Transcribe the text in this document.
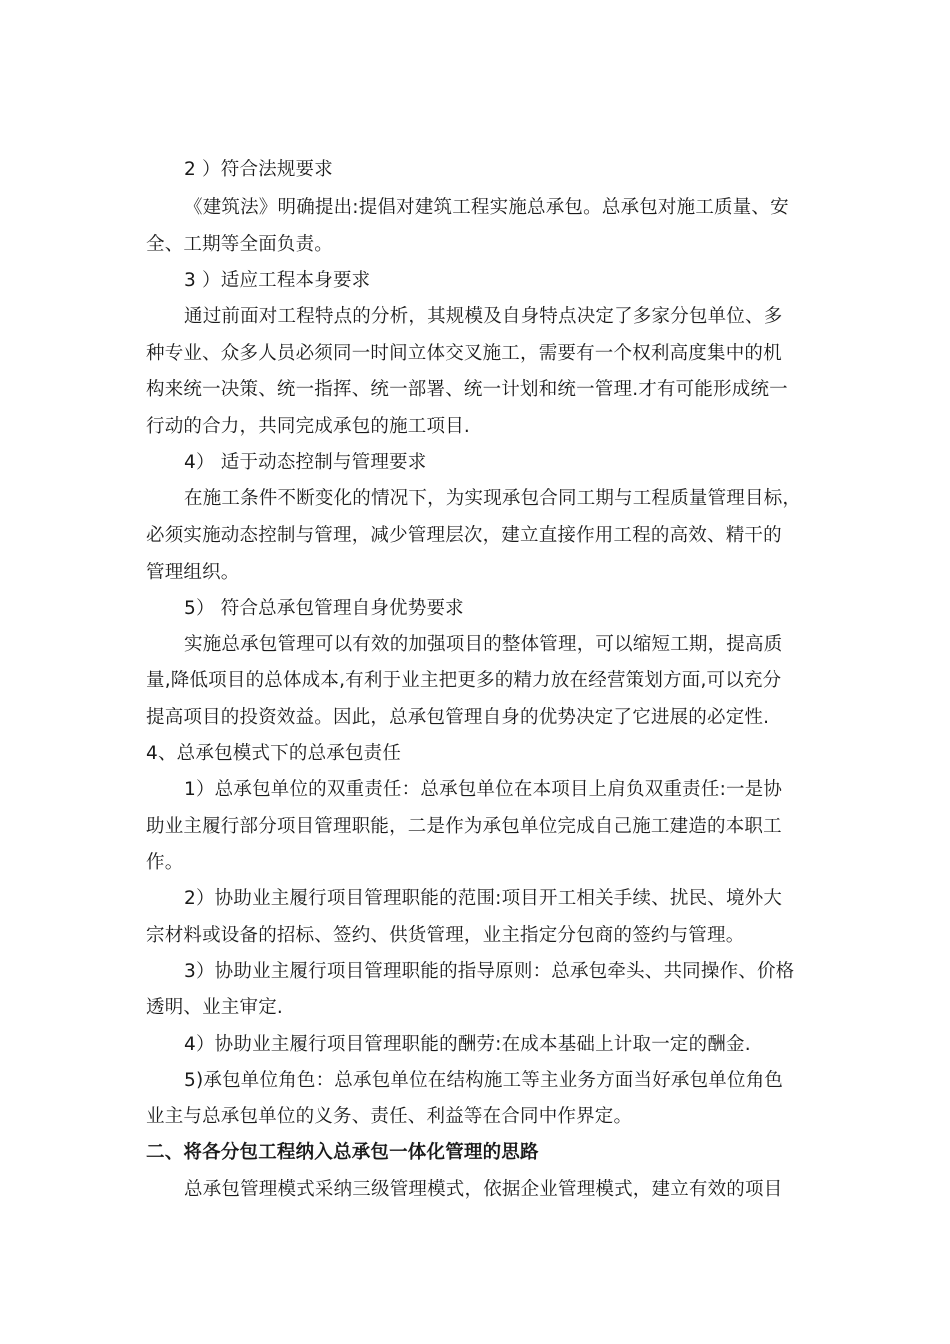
2 ）符合法规要求
《建筑法》明确提出:提倡对建筑工程实施总承包。总承包对施工质量、安
全、工期等全面负责。
3 ）适应工程本身要求
通过前面对工程特点的分析，其规模及自身特点决定了多家分包单位、多
种专业、众多人员必须同一时间立体交叉施工，需要有一个权利高度集中的机
构来统一决策、统一指挥、统一部署、统一计划和统一管理.才有可能形成统一
行动的合力，共同完成承包的施工项目.
4） 适于动态控制与管理要求
在施工条件不断变化的情况下，为实现承包合同工期与工程质量管理目标，
必须实施动态控制与管理，减少管理层次，建立直接作用工程的高效、精干的
管理组织。
5） 符合总承包管理自身优势要求
实施总承包管理可以有效的加强项目的整体管理，可以缩短工期，提高质
量,降低项目的总体成本,有利于业主把更多的精力放在经营策划方面,可以充分
提高项目的投资效益。因此，总承包管理自身的优势决定了它进展的必定性.
4、总承包模式下的总承包责任
1）总承包单位的双重责任：总承包单位在本项目上肩负双重责任:一是协
助业主履行部分项目管理职能，二是作为承包单位完成自己施工建造的本职工
作。
2）协助业主履行项目管理职能的范围:项目开工相关手续、扰民、境外大
宗材料或设备的招标、签约、供货管理，业主指定分包商的签约与管理。
3）协助业主履行项目管理职能的指导原则：总承包牵头、共同操作、价格
透明、业主审定.
4）协助业主履行项目管理职能的酬劳:在成本基础上计取一定的酬金.
5)承包单位角色：总承包单位在结构施工等主业务方面当好承包单位角色
业主与总承包单位的义务、责任、利益等在合同中作界定。
二、将各分包工程纳入总承包一体化管理的思路
总承包管理模式采纳三级管理模式，依据企业管理模式，建立有效的项目
